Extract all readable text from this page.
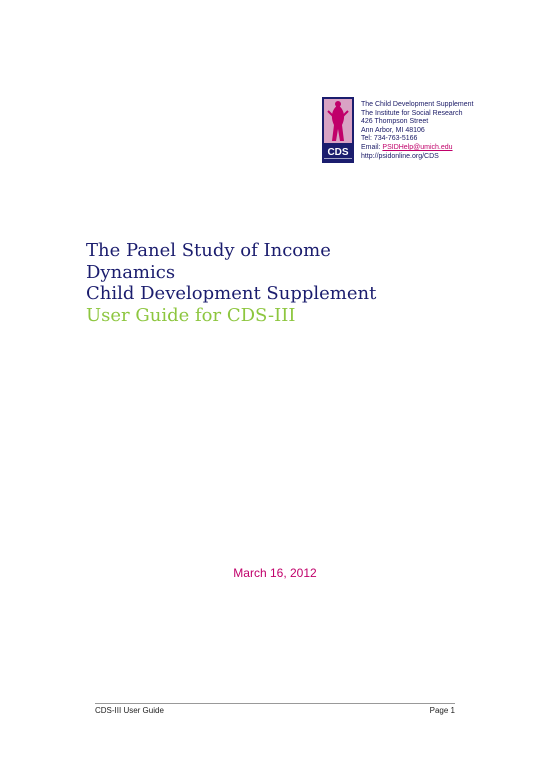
CDS
The Child Development Supplement
The Institute for Social Research
426 Thompson Street
Ann Arbor, MI 48106
Tel: 734-763-5166
Email: PSIDHelp@umich.edu
http://psidonline.org/CDS
The Panel Study of Income
Dynamics
Child Development Supplement
User Guide for CDS-III
March 16, 2012
CDS-III User Guide	Page 1
